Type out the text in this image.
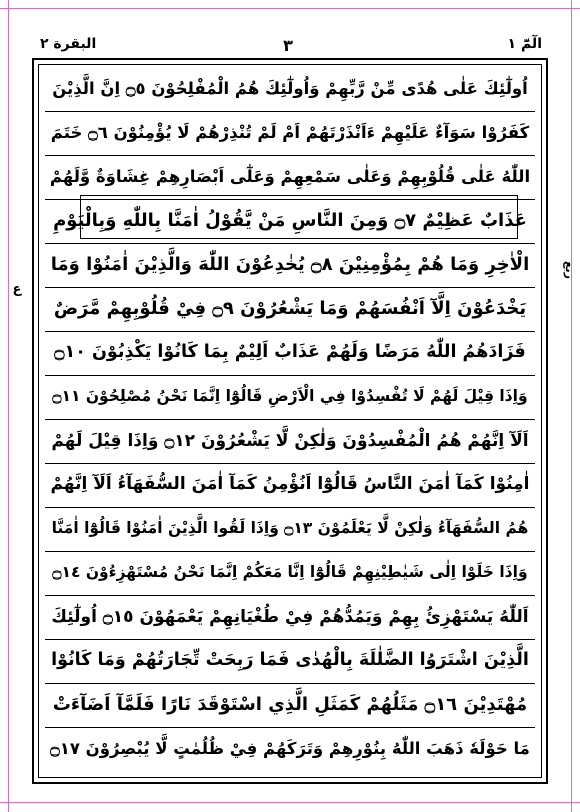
البقرة ٢	٣	الٓمّٓ ١
اُولٰٓئِكَ عَلٰى هُدًى مِّنْ رَّبِّهِمْ وَاُولٰٓئِكَ هُمُ الْمُفْلِحُوْنَ ۝٥ اِنَّ الَّذِيْنَ
كَفَرُوْا سَوَآءٌ عَلَيْهِمْ ءَاَنْذَرْتَهُمْ اَمْ لَمْ تُنْذِرْهُمْ لَا يُؤْمِنُوْنَ ۝٦ خَتَمَ
اللّٰهُ عَلٰى قُلُوْبِهِمْ وَعَلٰى سَمْعِهِمْ وَعَلٰٓى اَبْصَارِهِمْ غِشَاوَةٌ وَّلَهُمْ
عَذَابٌ عَظِيْمٌ ۝٧ وَمِنَ النَّاسِ مَنْ يَّقُوْلُ اٰمَنَّا بِاللّٰهِ وَبِالْيَوْمِ
الْاٰخِرِ وَمَا هُمْ بِمُؤْمِنِيْنَ ۝٨ يُخٰدِعُوْنَ اللّٰهَ وَالَّذِيْنَ اٰمَنُوْا وَمَا
يَخْدَعُوْنَ اِلَّآ اَنْفُسَهُمْ وَمَا يَشْعُرُوْنَ ۝٩ فِيْ قُلُوْبِهِمْ مَّرَضٌ
فَزَادَهُمُ اللّٰهُ مَرَضًا وَلَهُمْ عَذَابٌ اَلِيْمٌ بِمَا كَانُوْا يَكْذِبُوْنَ ۝١٠
وَاِذَا قِيْلَ لَهُمْ لَا تُفْسِدُوْا فِي الْاَرْضِ قَالُوْٓا اِنَّمَا نَحْنُ مُصْلِحُوْنَ ۝١١
اَلَآ اِنَّهُمْ هُمُ الْمُفْسِدُوْنَ وَلٰكِنْ لَّا يَشْعُرُوْنَ ۝١٢ وَاِذَا قِيْلَ لَهُمْ
اٰمِنُوْا كَمَآ اٰمَنَ النَّاسُ قَالُوْٓا اَنُؤْمِنُ كَمَآ اٰمَنَ السُّفَهَآءُ اَلَآ اِنَّهُمْ
هُمُ السُّفَهَآءُ وَلٰكِنْ لَّا يَعْلَمُوْنَ ۝١٣ وَاِذَا لَقُوا الَّذِيْنَ اٰمَنُوْا قَالُوْٓا اٰمَنَّا
وَاِذَا خَلَوْا اِلٰى شَيٰطِيْنِهِمْ قَالُوْٓا اِنَّا مَعَكُمْ اِنَّمَا نَحْنُ مُسْتَهْزِءُوْنَ ۝١٤
اَللّٰهُ يَسْتَهْزِئُ بِهِمْ وَيَمُدُّهُمْ فِيْ طُغْيَانِهِمْ يَعْمَهُوْنَ ۝١٥ اُولٰٓئِكَ
الَّذِيْنَ اشْتَرَوُا الضَّلٰلَةَ بِالْهُدٰى فَمَا رَبِحَتْ تِّجَارَتُهُمْ وَمَا كَانُوْا
مُهْتَدِيْنَ ۝١٦ مَثَلُهُمْ كَمَثَلِ الَّذِي اسْتَوْقَدَ نَارًا فَلَمَّآ اَضَآءَتْ
مَا حَوْلَهٗ ذَهَبَ اللّٰهُ بِنُوْرِهِمْ وَتَرَكَهُمْ فِيْ ظُلُمٰتٍ لَّا يُبْصِرُوْنَ ۝١٧
ربع
ع
